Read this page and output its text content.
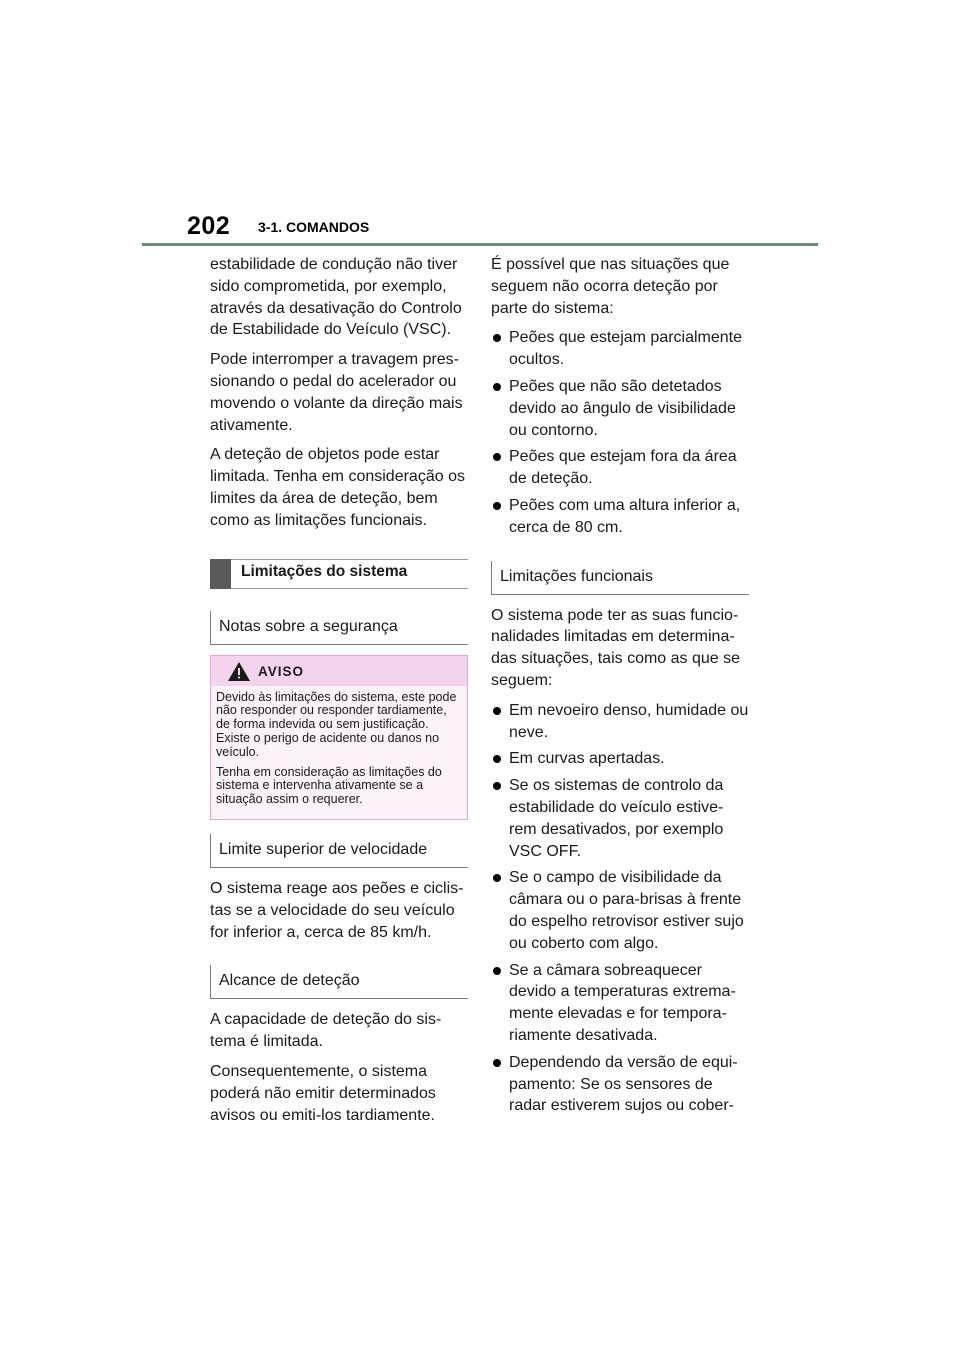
202 3-1. COMANDOS

estabilidade de condução não tiver sido comprometida, por exemplo, através da desativação do Controlo de Estabilidade do Veículo (VSC).

Pode interromper a travagem pres-sionando o pedal do acelerador ou movendo o volante da direção mais ativamente.

A deteção de objetos pode estar limitada. Tenha em consideração os limites da área de deteção, bem como as limitações funcionais.

Limitações do sistema
Notas sobre a segurança
AVISO

Devido às limitações do sistema, este pode não responder ou responder tardiamente, de forma indevida ou sem justificação. Existe o perigo de acidente ou danos no veículo.

Tenha em consideração as limitações do sistema e intervenha ativamente se a situação assim o requerer.

Limite superior de velocidade

O sistema reage aos peões e ciclis-tas se a velocidade do seu veículo for inferior a, cerca de 85 km/h.

Alcance de deteção

A capacidade de deteção do sis-tema é limitada.

Consequentemente, o sistema poderá não emitir determinados avisos ou emiti-los tardiamente.

É possível que nas situações que seguem não ocorra deteção por parte do sistema:

Peões que estejam parcialmente ocultos.
Peões que não são detetados devido ao ângulo de visibilidade ou contorno.
Peões que estejam fora da área de deteção.
Peões com uma altura inferior a, cerca de 80 cm.
Limitações funcionais

O sistema pode ter as suas funcio-nalidades limitadas em determina-das situações, tais como as que se seguem:

Em nevoeiro denso, humidade ou neve.
Em curvas apertadas.
Se os sistemas de controlo da estabilidade do veículo estive-rem desativados, por exemplo VSC OFF.
Se o campo de visibilidade da câmara ou o para-brisas à frente do espelho retrovisor estiver sujo ou coberto com algo.
Se a câmara sobreaquecer devido a temperaturas extrema-mente elevadas e for tempora-riamente desativada.
Dependendo da versão de equi-pamento: Se os sensores de radar estiverem sujos ou cober-
